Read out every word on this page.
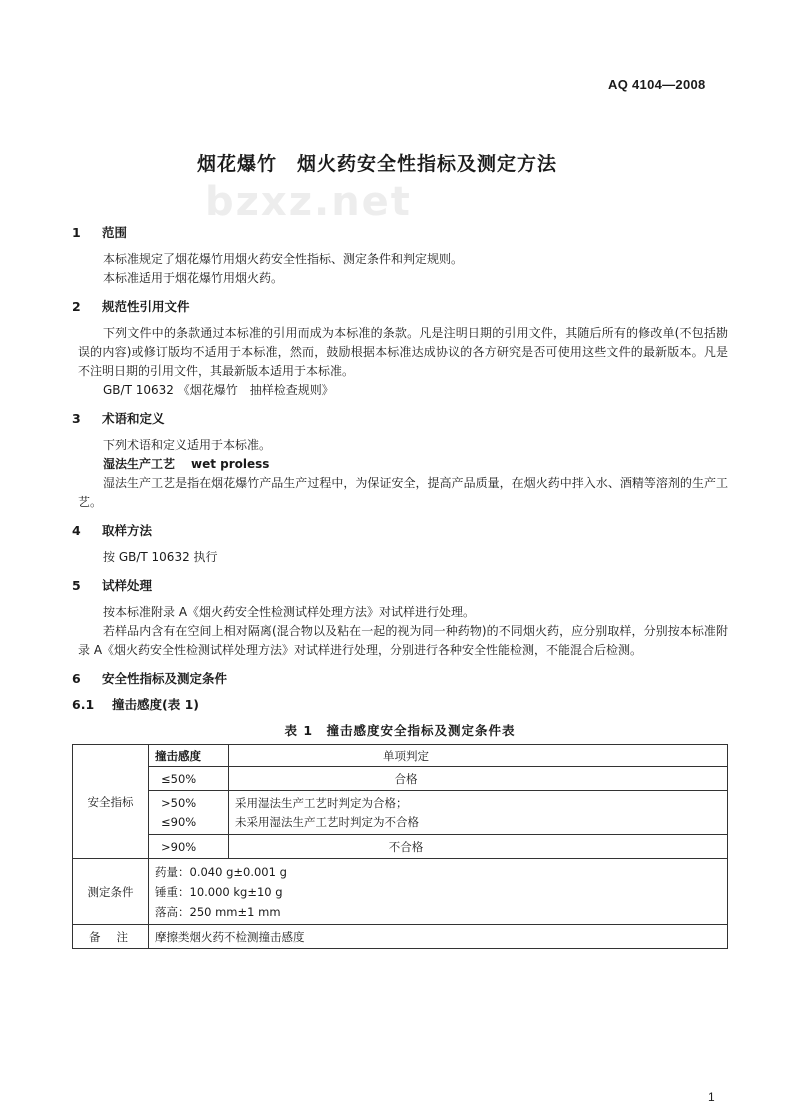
AQ 4104—2008
烟花爆竹　烟火药安全性指标及测定方法
bzxz.net
1 范围

本标准规定了烟花爆竹用烟火药安全性指标、测定条件和判定规则。

本标准适用于烟花爆竹用烟火药。

2 规范性引用文件

下列文件中的条款通过本标准的引用而成为本标准的条款。凡是注明日期的引用文件，其随后所有的修改单(不包括勘误的内容)或修订版均不适用于本标准，然而，鼓励根据本标准达成协议的各方研究是否可使用这些文件的最新版本。凡是不注明日期的引用文件，其最新版本适用于本标准。

GB/T 10632 《烟花爆竹　抽样检查规则》

3 术语和定义

下列术语和定义适用于本标准。

湿法生产工艺 wet proless

湿法生产工艺是指在烟花爆竹产品生产过程中，为保证安全，提高产品质量，在烟火药中拌入水、酒精等溶剂的生产工艺。

4 取样方法

按 GB/T 10632 执行

5 试样处理

按本标准附录 A《烟火药安全性检测试样处理方法》对试样进行处理。

若样品内含有在空间上相对隔离(混合物以及粘在一起的视为同一种药物)的不同烟火药，应分别取样，分别按本标准附录 A《烟火药安全性检测试样处理方法》对试样进行处理，分别进行各种安全性能检测，不能混合后检测。

6 安全性指标及测定条件
6.1 撞击感度(表 1)
表 1　撞击感度安全指标及测定条件表
安全指标	撞击感度	单项判定

	≤50%	合格

	>50%
≤90%	采用湿法生产工艺时判定为合格；
未采用湿法生产工艺时判定为不合格

	>90%	不合格

测定条件	药量：0.040 g±0.001 g
锤重：10.000 kg±10 g
落高：250 mm±1 mm	

备注	摩擦类烟火药不检测撞击感度	
1
